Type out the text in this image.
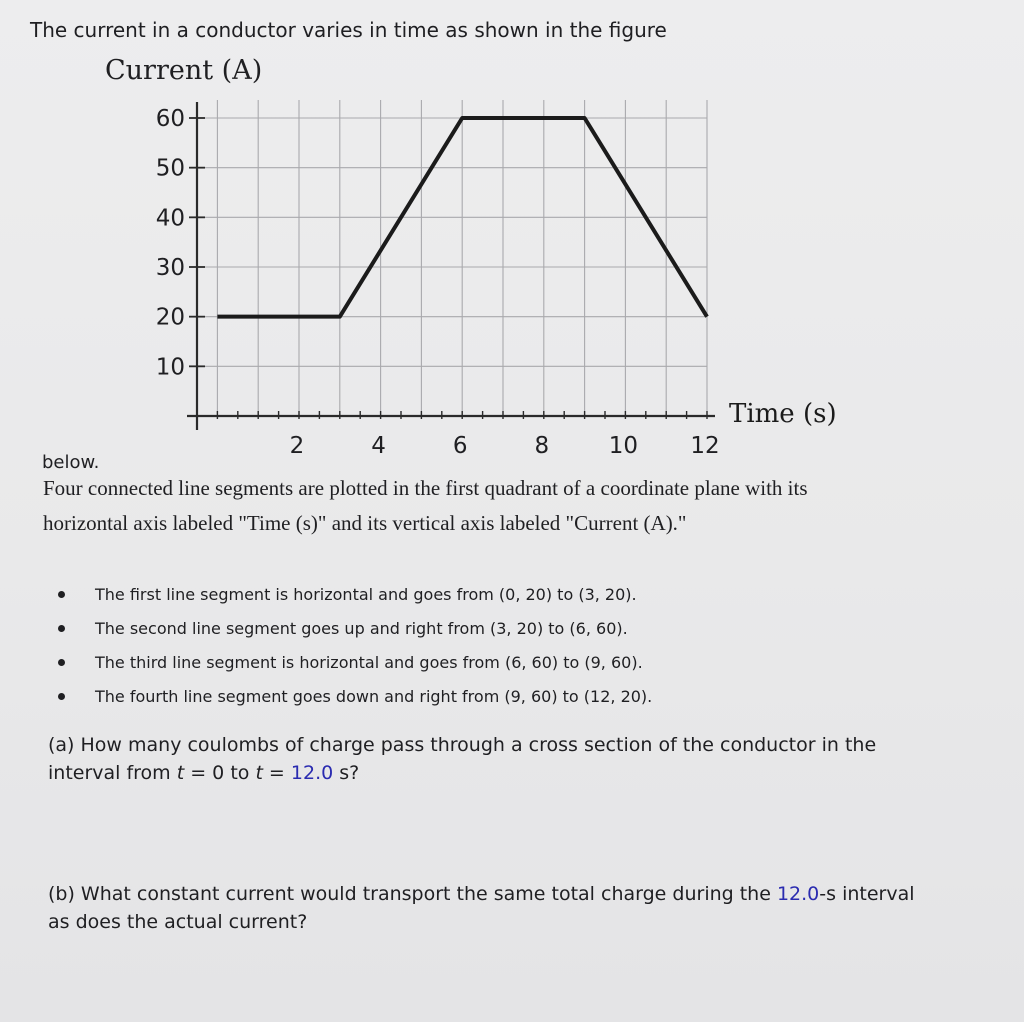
The current in a conductor varies in time as shown in the figure

Current (A)
10
20
30
40
50
60
2	4	6	8	10 12
Time (s)
below.
Four connected line segments are plotted in the first quadrant of a coordinate plane with its
horizontal axis labeled "Time (s)" and its vertical axis labeled "Current (A)."
The first line segment is horizontal and goes from (0, 20) to (3, 20).
The second line segment goes up and right from (3, 20) to (6, 60).
The third line segment is horizontal and goes from (6, 60) to (9, 60).
The fourth line segment goes down and right from (9, 60) to (12, 20).
(a) How many coulombs of charge pass through a cross section of the conductor in the
interval from t = 0 to t = 12.0 s?
(b) What constant current would transport the same total charge during the 12.0-s interval
as does the actual current?
